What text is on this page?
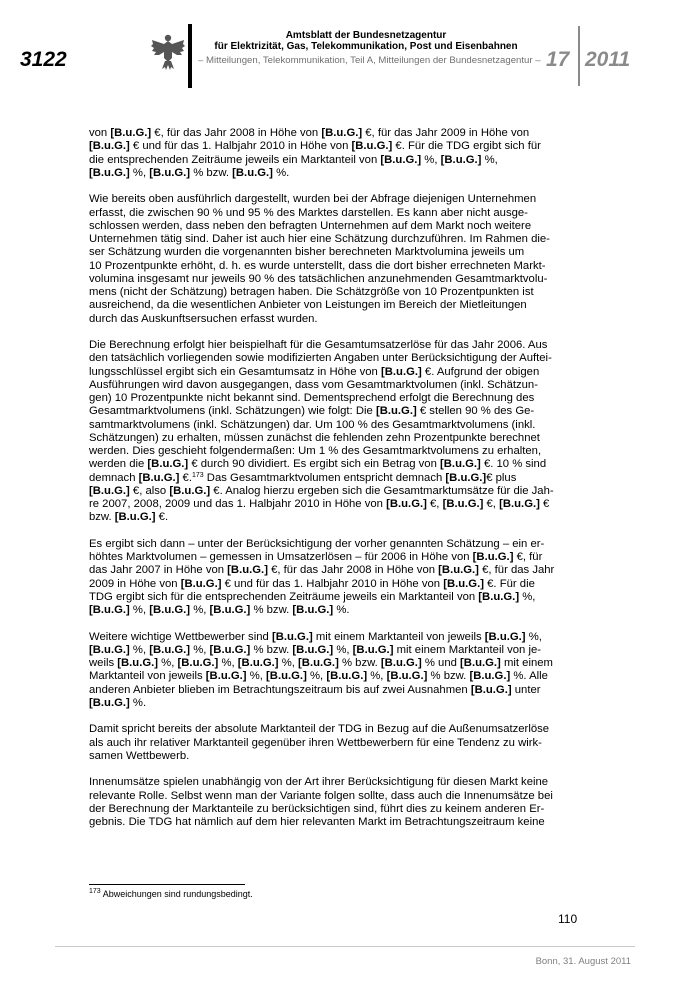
3122
Amtsblatt der Bundesnetzagentur
für Elektrizität, Gas, Telekommunikation, Post und Eisenbahnen
– Mitteilungen, Telekommunikation, Teil A, Mitteilungen der Bundesnetzagentur – 17 2011

von [B.u.G.] €, für das Jahr 2008 in Höhe von [B.u.G.] €, für das Jahr 2009 in Höhe von
[B.u.G.] € und für das 1. Halbjahr 2010 in Höhe von [B.u.G.] €. Für die TDG ergibt sich für
die entsprechenden Zeiträume jeweils ein Marktanteil von [B.u.G.] %, [B.u.G.] %,
[B.u.G.] %, [B.u.G.] % bzw. [B.u.G.] %.

Wie bereits oben ausführlich dargestellt, wurden bei der Abfrage diejenigen Unternehmen
erfasst, die zwischen 90 % und 95 % des Marktes darstellen. Es kann aber nicht ausge-
schlossen werden, dass neben den befragten Unternehmen auf dem Markt noch weitere
Unternehmen tätig sind. Daher ist auch hier eine Schätzung durchzuführen. Im Rahmen die-
ser Schätzung wurden die vorgenannten bisher berechneten Marktvolumina jeweils um
10 Prozentpunkte erhöht, d. h. es wurde unterstellt, dass die dort bisher errechneten Markt-
volumina insgesamt nur jeweils 90 % des tatsächlichen anzunehmenden Gesamtmarktvolu-
mens (nicht der Schätzung) betragen haben. Die Schätzgröße von 10 Prozentpunkten ist
ausreichend, da die wesentlichen Anbieter von Leistungen im Bereich der Mietleitungen
durch das Auskunftsersuchen erfasst wurden.

Die Berechnung erfolgt hier beispielhaft für die Gesamtumsatzerlöse für das Jahr 2006. Aus
den tatsächlich vorliegenden sowie modifizierten Angaben unter Berücksichtigung der Auftei-
lungsschlüssel ergibt sich ein Gesamtumsatz in Höhe von [B.u.G.] €. Aufgrund der obigen
Ausführungen wird davon ausgegangen, dass vom Gesamtmarktvolumen (inkl. Schätzun-
gen) 10 Prozentpunkte nicht bekannt sind. Dementsprechend erfolgt die Berechnung des
Gesamtmarktvolumens (inkl. Schätzungen) wie folgt: Die [B.u.G.] € stellen 90 % des Ge-
samtmarktvolumens (inkl. Schätzungen) dar. Um 100 % des Gesamtmarktvolumens (inkl.
Schätzungen) zu erhalten, müssen zunächst die fehlenden zehn Prozentpunkte berechnet
werden. Dies geschieht folgendermaßen: Um 1 % des Gesamtmarktvolumens zu erhalten,
werden die [B.u.G.] € durch 90 dividiert. Es ergibt sich ein Betrag von [B.u.G.] €. 10 % sind
demnach [B.u.G.] €.$^{173}$ Das Gesamtmarktvolumen entspricht demnach [B.u.G.]€ plus
[B.u.G.] €, also [B.u.G.] €. Analog hierzu ergeben sich die Gesamtmarktumsätze für die Jah-
re 2007, 2008, 2009 und das 1. Halbjahr 2010 in Höhe von [B.u.G.] €, [B.u.G.] €, [B.u.G.] €
bzw. [B.u.G.] €.

Es ergibt sich dann – unter der Berücksichtigung der vorher genannten Schätzung – ein er-
höhtes Marktvolumen – gemessen in Umsatzerlösen – für 2006 in Höhe von [B.u.G.] €, für
das Jahr 2007 in Höhe von [B.u.G.] €, für das Jahr 2008 in Höhe von [B.u.G.] €, für das Jahr
2009 in Höhe von [B.u.G.] € und für das 1. Halbjahr 2010 in Höhe von [B.u.G.] €. Für die
TDG ergibt sich für die entsprechenden Zeiträume jeweils ein Marktanteil von [B.u.G.] %,
[B.u.G.] %, [B.u.G.] %, [B.u.G.] % bzw. [B.u.G.] %.

Weitere wichtige Wettbewerber sind [B.u.G.] mit einem Marktanteil von jeweils [B.u.G.] %,
[B.u.G.] %, [B.u.G.] %, [B.u.G.] % bzw. [B.u.G.] %, [B.u.G.] mit einem Marktanteil von je-
weils [B.u.G.] %, [B.u.G.] %, [B.u.G.] %, [B.u.G.] % bzw. [B.u.G.] % und [B.u.G.] mit einem
Marktanteil von jeweils [B.u.G.] %, [B.u.G.] %, [B.u.G.] %, [B.u.G.] % bzw. [B.u.G.] %. Alle
anderen Anbieter blieben im Betrachtungszeitraum bis auf zwei Ausnahmen [B.u.G.] unter
[B.u.G.] %.

Damit spricht bereits der absolute Marktanteil der TDG in Bezug auf die Außenumsatzerlöse
als auch ihr relativer Marktanteil gegenüber ihren Wettbewerbern für eine Tendenz zu wirk-
samen Wettbewerb.

Innenumsätze spielen unabhängig von der Art ihrer Berücksichtigung für diesen Markt keine
relevante Rolle. Selbst wenn man der Variante folgen sollte, dass auch die Innenumsätze bei
der Berechnung der Marktanteile zu berücksichtigen sind, führt dies zu keinem anderen Er-
gebnis. Die TDG hat nämlich auf dem hier relevanten Markt im Betrachtungszeitraum keine

$^{173}$ Abweichungen sind rundungsbedingt.
110
Bonn, 31. August 2011
